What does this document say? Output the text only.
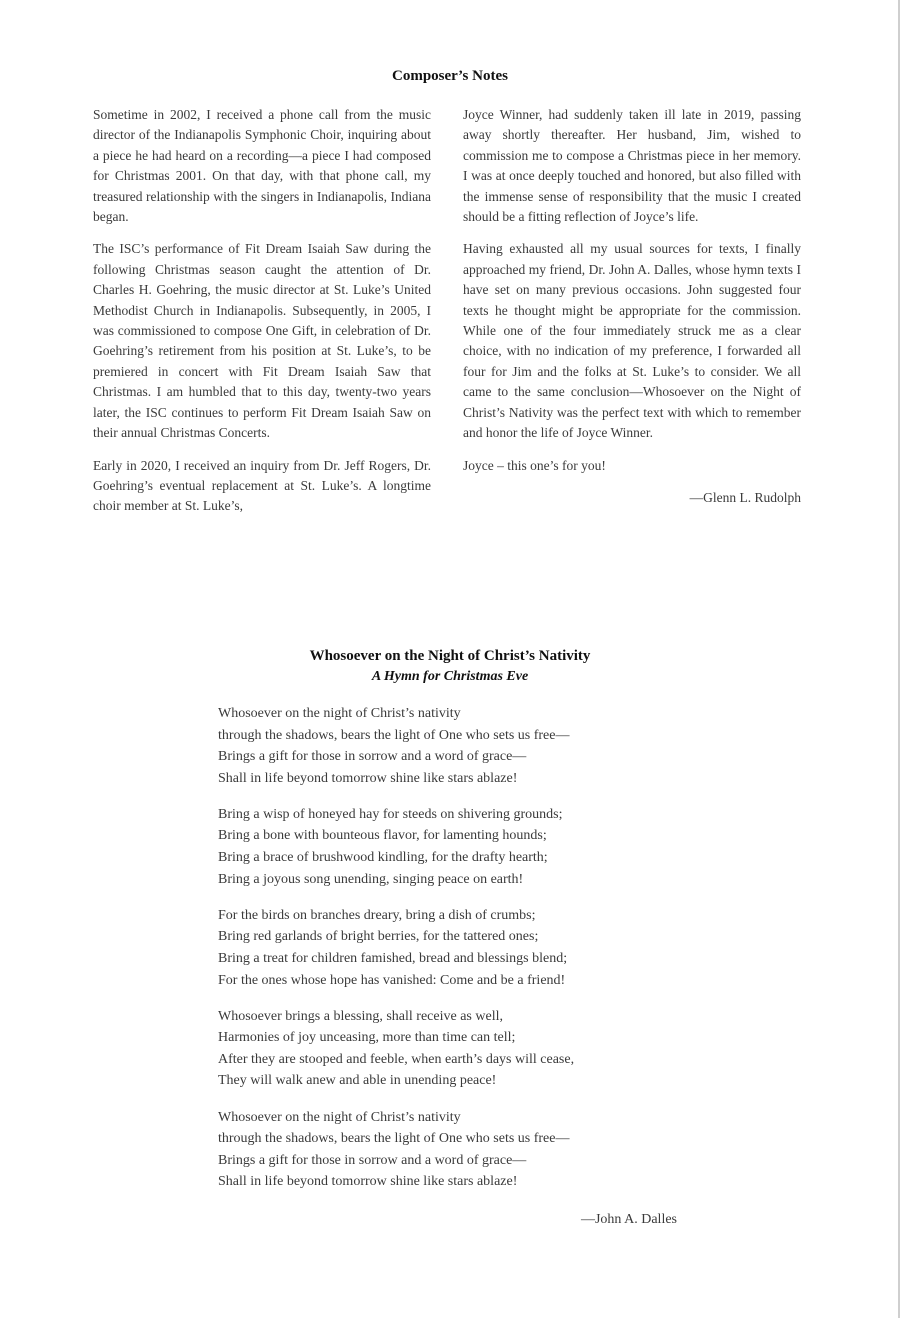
Composer’s Notes

Sometime in 2002, I received a phone call from the music director of the Indianapolis Symphonic Choir, inquiring about a piece he had heard on a recording—a piece I had composed for Christmas 2001. On that day, with that phone call, my treasured relationship with the singers in Indianapolis, Indiana began.

The ISC’s performance of Fit Dream Isaiah Saw during the following Christmas season caught the attention of Dr. Charles H. Goehring, the music director at St. Luke’s United Methodist Church in Indianapolis. Subsequently, in 2005, I was commissioned to compose One Gift, in celebration of Dr. Goehring’s retirement from his position at St. Luke’s, to be premiered in concert with Fit Dream Isaiah Saw that Christmas. I am humbled that to this day, twenty-two years later, the ISC continues to perform Fit Dream Isaiah Saw on their annual Christmas Concerts.

Early in 2020, I received an inquiry from Dr. Jeff Rogers, Dr. Goehring’s eventual replacement at St. Luke’s. A longtime choir member at St. Luke’s,

Joyce Winner, had suddenly taken ill late in 2019, passing away shortly thereafter. Her husband, Jim, wished to commission me to compose a Christmas piece in her memory. I was at once deeply touched and honored, but also filled with the immense sense of responsibility that the music I created should be a fitting reflection of Joyce’s life.

Having exhausted all my usual sources for texts, I finally approached my friend, Dr. John A. Dalles, whose hymn texts I have set on many previous occasions. John suggested four texts he thought might be appropriate for the commission. While one of the four immediately struck me as a clear choice, with no indication of my preference, I forwarded all four for Jim and the folks at St. Luke’s to consider. We all came to the same conclusion—Whosoever on the Night of Christ’s Nativity was the perfect text with which to remember and honor the life of Joyce Winner.

Joyce – this one’s for you!

—Glenn L. Rudolph

Whosoever on the Night of Christ’s Nativity
A Hymn for Christmas Eve
Whosoever on the night of Christ’s nativity
through the shadows, bears the light of One who sets us free—
Brings a gift for those in sorrow and a word of grace—
Shall in life beyond tomorrow shine like stars ablaze!
Bring a wisp of honeyed hay for steeds on shivering grounds;
Bring a bone with bounteous flavor, for lamenting hounds;
Bring a brace of brushwood kindling, for the drafty hearth;
Bring a joyous song unending, singing peace on earth!
For the birds on branches dreary, bring a dish of crumbs;
Bring red garlands of bright berries, for the tattered ones;
Bring a treat for children famished, bread and blessings blend;
For the ones whose hope has vanished: Come and be a friend!
Whosoever brings a blessing, shall receive as well,
Harmonies of joy unceasing, more than time can tell;
After they are stooped and feeble, when earth’s days will cease,
They will walk anew and able in unending peace!
Whosoever on the night of Christ’s nativity
through the shadows, bears the light of One who sets us free—
Brings a gift for those in sorrow and a word of grace—
Shall in life beyond tomorrow shine like stars ablaze!
—John A. Dalles
